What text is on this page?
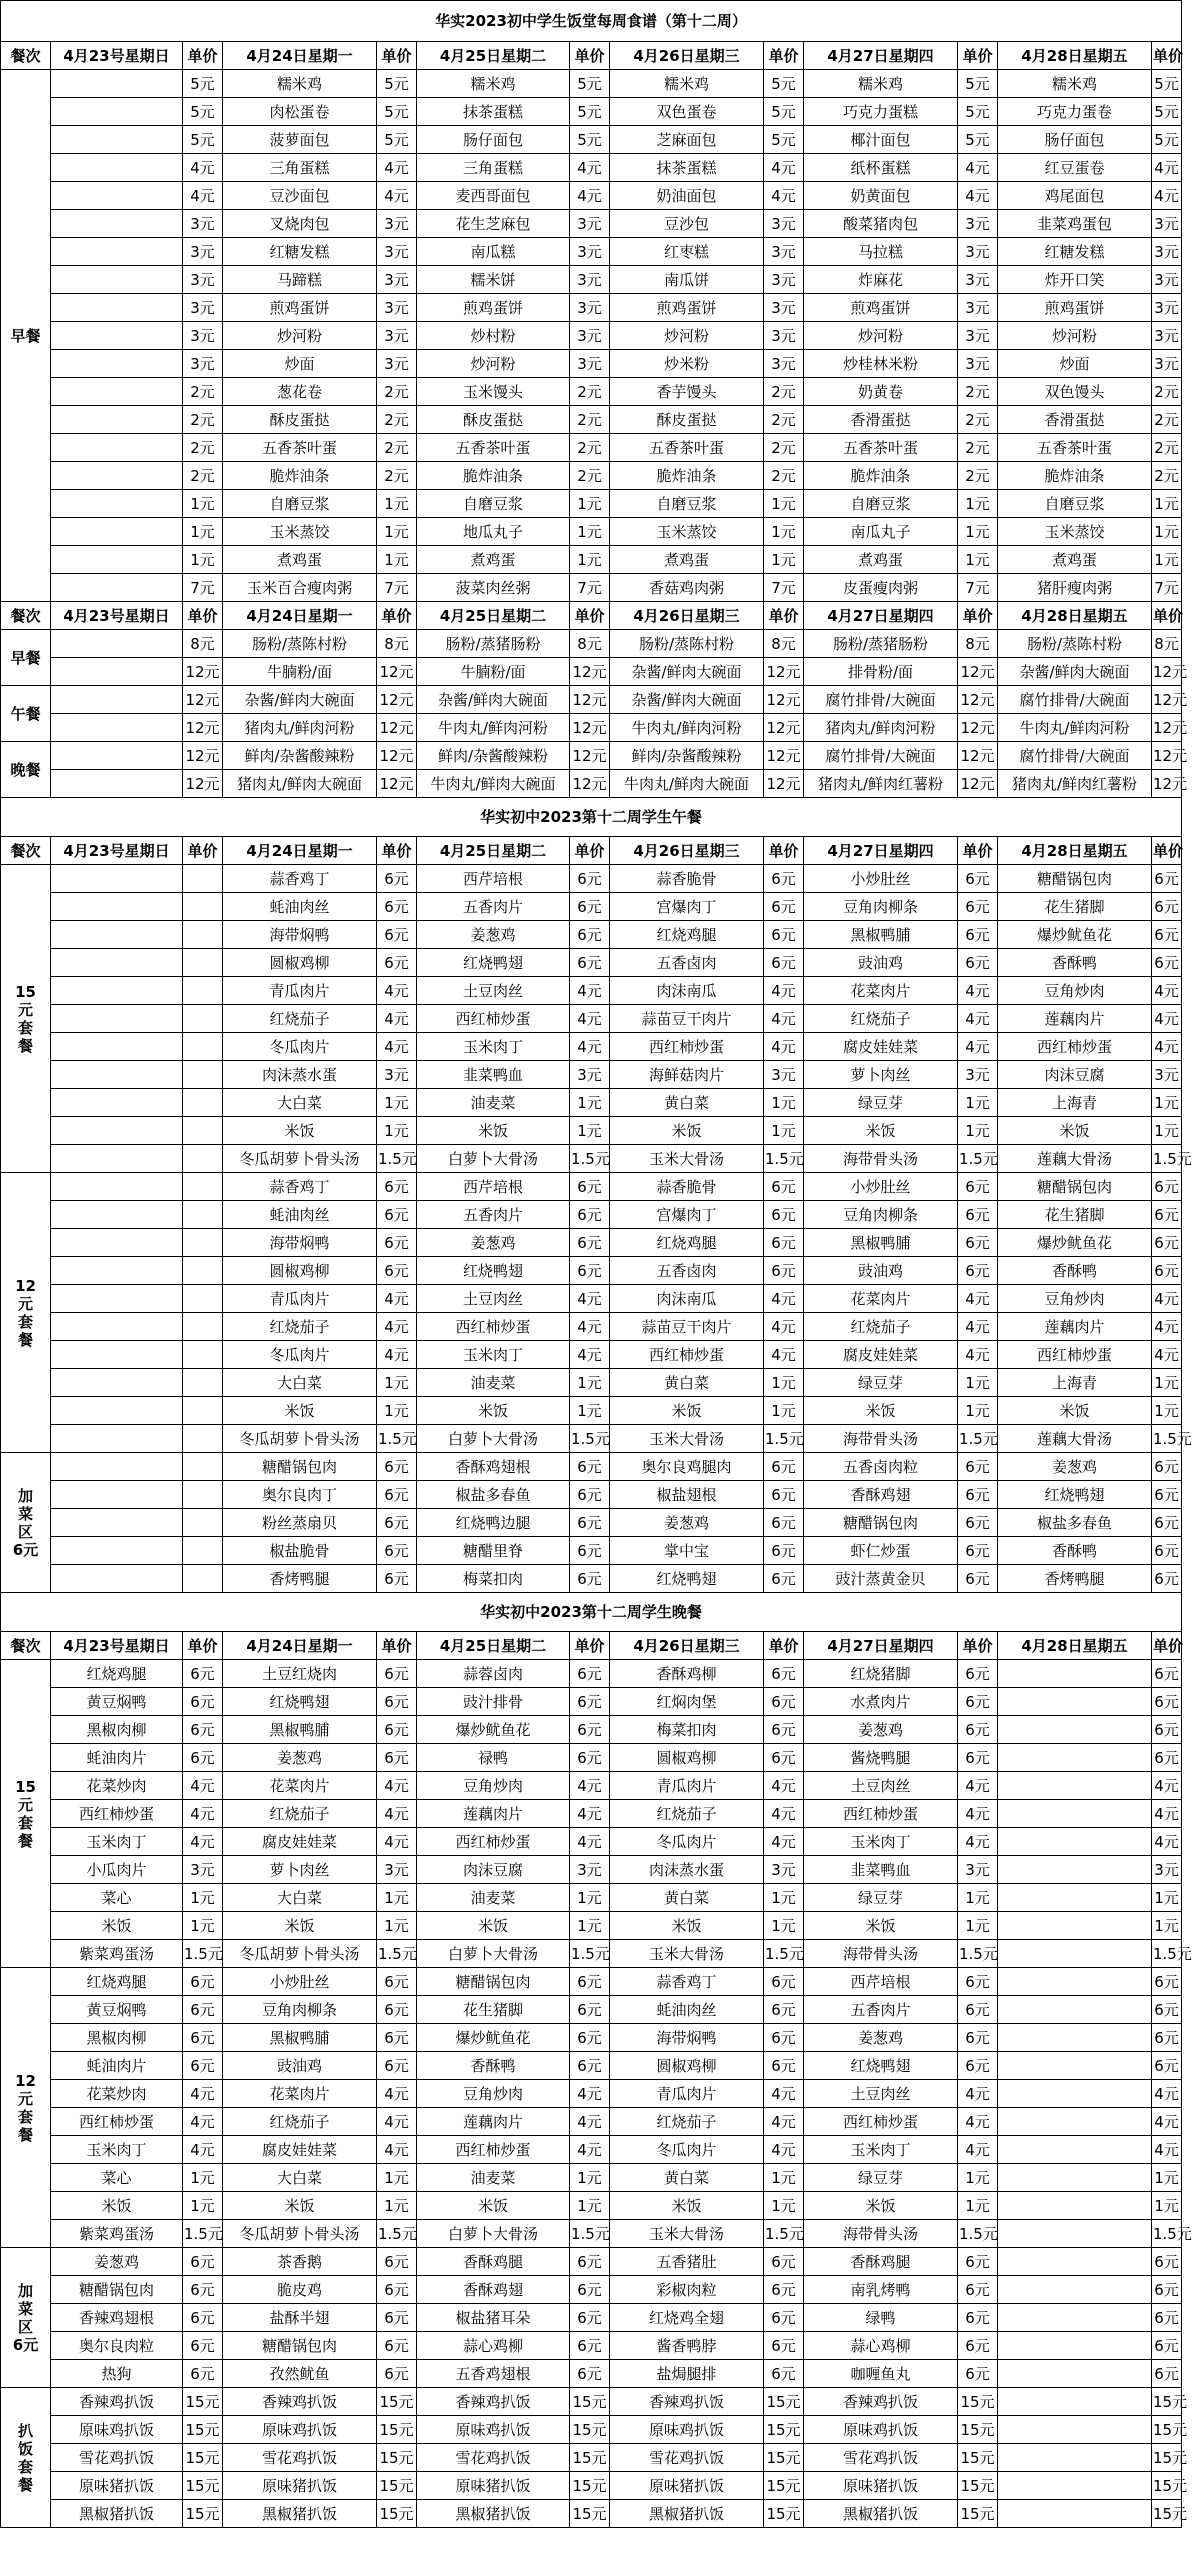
华实2023初中学生饭堂每周食谱（第十二周）												
餐次	4月23号星期日	单价	4月24日星期一	单价	4月25日星期二	单价	4月26日星期三	单价	4月27日星期四	单价	4月28日星期五	单价
早餐		5元	糯米鸡	5元	糯米鸡	5元	糯米鸡	5元	糯米鸡	5元	糯米鸡	5元
		5元	肉松蛋卷	5元	抹茶蛋糕	5元	双色蛋卷	5元	巧克力蛋糕	5元	巧克力蛋卷	5元
		5元	菠萝面包	5元	肠仔面包	5元	芝麻面包	5元	椰汁面包	5元	肠仔面包	5元
		4元	三角蛋糕	4元	三角蛋糕	4元	抹茶蛋糕	4元	纸杯蛋糕	4元	红豆蛋卷	4元
		4元	豆沙面包	4元	麦西哥面包	4元	奶油面包	4元	奶黄面包	4元	鸡尾面包	4元
		3元	叉烧肉包	3元	花生芝麻包	3元	豆沙包	3元	酸菜猪肉包	3元	韭菜鸡蛋包	3元
		3元	红糖发糕	3元	南瓜糕	3元	红枣糕	3元	马拉糕	3元	红糖发糕	3元
		3元	马蹄糕	3元	糯米饼	3元	南瓜饼	3元	炸麻花	3元	炸开口笑	3元
		3元	煎鸡蛋饼	3元	煎鸡蛋饼	3元	煎鸡蛋饼	3元	煎鸡蛋饼	3元	煎鸡蛋饼	3元
		3元	炒河粉	3元	炒村粉	3元	炒河粉	3元	炒河粉	3元	炒河粉	3元
		3元	炒面	3元	炒河粉	3元	炒米粉	3元	炒桂林米粉	3元	炒面	3元
		2元	葱花卷	2元	玉米馒头	2元	香芋馒头	2元	奶黄卷	2元	双色馒头	2元
		2元	酥皮蛋挞	2元	酥皮蛋挞	2元	酥皮蛋挞	2元	香滑蛋挞	2元	香滑蛋挞	2元
		2元	五香茶叶蛋	2元	五香茶叶蛋	2元	五香茶叶蛋	2元	五香茶叶蛋	2元	五香茶叶蛋	2元
		2元	脆炸油条	2元	脆炸油条	2元	脆炸油条	2元	脆炸油条	2元	脆炸油条	2元
		1元	自磨豆浆	1元	自磨豆浆	1元	自磨豆浆	1元	自磨豆浆	1元	自磨豆浆	1元
		1元	玉米蒸饺	1元	地瓜丸子	1元	玉米蒸饺	1元	南瓜丸子	1元	玉米蒸饺	1元
		1元	煮鸡蛋	1元	煮鸡蛋	1元	煮鸡蛋	1元	煮鸡蛋	1元	煮鸡蛋	1元
		7元	玉米百合瘦肉粥	7元	菠菜肉丝粥	7元	香菇鸡肉粥	7元	皮蛋瘦肉粥	7元	猪肝瘦肉粥	7元
餐次	4月23号星期日	单价	4月24日星期一	单价	4月25日星期二	单价	4月26日星期三	单价	4月27日星期四	单价	4月28日星期五	单价
早餐		8元	肠粉/蒸陈村粉	8元	肠粉/蒸猪肠粉	8元	肠粉/蒸陈村粉	8元	肠粉/蒸猪肠粉	8元	肠粉/蒸陈村粉	8元
		12元	牛腩粉/面	12元	牛腩粉/面	12元	杂酱/鲜肉大碗面	12元	排骨粉/面	12元	杂酱/鲜肉大碗面	12元
午餐		12元	杂酱/鲜肉大碗面	12元	杂酱/鲜肉大碗面	12元	杂酱/鲜肉大碗面	12元	腐竹排骨/大碗面	12元	腐竹排骨/大碗面	12元
		12元	猪肉丸/鲜肉河粉	12元	牛肉丸/鲜肉河粉	12元	牛肉丸/鲜肉河粉	12元	猪肉丸/鲜肉河粉	12元	牛肉丸/鲜肉河粉	12元
晚餐		12元	鲜肉/杂酱酸辣粉	12元	鲜肉/杂酱酸辣粉	12元	鲜肉/杂酱酸辣粉	12元	腐竹排骨/大碗面	12元	腐竹排骨/大碗面	12元
		12元	猪肉丸/鲜肉大碗面	12元	牛肉丸/鲜肉大碗面	12元	牛肉丸/鲜肉大碗面	12元	猪肉丸/鲜肉红薯粉	12元	猪肉丸/鲜肉红薯粉	12元
华实初中2023第十二周学生午餐												
餐次	4月23号星期日	单价	4月24日星期一	单价	4月25日星期二	单价	4月26日星期三	单价	4月27日星期四	单价	4月28日星期五	单价
15
元
套
餐			蒜香鸡丁	6元	西芹培根	6元	蒜香脆骨	6元	小炒肚丝	6元	糖醋锅包肉	6元
			蚝油肉丝	6元	五香肉片	6元	宫爆肉丁	6元	豆角肉柳条	6元	花生猪脚	6元
			海带焖鸭	6元	姜葱鸡	6元	红烧鸡腿	6元	黑椒鸭脯	6元	爆炒鱿鱼花	6元
			圆椒鸡柳	6元	红烧鸭翅	6元	五香卤肉	6元	豉油鸡	6元	香酥鸭	6元
			青瓜肉片	4元	土豆肉丝	4元	肉沫南瓜	4元	花菜肉片	4元	豆角炒肉	4元
			红烧茄子	4元	西红柿炒蛋	4元	蒜苗豆干肉片	4元	红烧茄子	4元	莲藕肉片	4元
			冬瓜肉片	4元	玉米肉丁	4元	西红柿炒蛋	4元	腐皮娃娃菜	4元	西红柿炒蛋	4元
			肉沫蒸水蛋	3元	韭菜鸭血	3元	海鲜菇肉片	3元	萝卜肉丝	3元	肉沫豆腐	3元
			大白菜	1元	油麦菜	1元	黄白菜	1元	绿豆芽	1元	上海青	1元
			米饭	1元	米饭	1元	米饭	1元	米饭	1元	米饭	1元
			冬瓜胡萝卜骨头汤	1.5元	白萝卜大骨汤	1.5元	玉米大骨汤	1.5元	海带骨头汤	1.5元	莲藕大骨汤	1.5元
12
元
套
餐			蒜香鸡丁	6元	西芹培根	6元	蒜香脆骨	6元	小炒肚丝	6元	糖醋锅包肉	6元
			蚝油肉丝	6元	五香肉片	6元	宫爆肉丁	6元	豆角肉柳条	6元	花生猪脚	6元
			海带焖鸭	6元	姜葱鸡	6元	红烧鸡腿	6元	黑椒鸭脯	6元	爆炒鱿鱼花	6元
			圆椒鸡柳	6元	红烧鸭翅	6元	五香卤肉	6元	豉油鸡	6元	香酥鸭	6元
			青瓜肉片	4元	土豆肉丝	4元	肉沫南瓜	4元	花菜肉片	4元	豆角炒肉	4元
			红烧茄子	4元	西红柿炒蛋	4元	蒜苗豆干肉片	4元	红烧茄子	4元	莲藕肉片	4元
			冬瓜肉片	4元	玉米肉丁	4元	西红柿炒蛋	4元	腐皮娃娃菜	4元	西红柿炒蛋	4元
			大白菜	1元	油麦菜	1元	黄白菜	1元	绿豆芽	1元	上海青	1元
			米饭	1元	米饭	1元	米饭	1元	米饭	1元	米饭	1元
			冬瓜胡萝卜骨头汤	1.5元	白萝卜大骨汤	1.5元	玉米大骨汤	1.5元	海带骨头汤	1.5元	莲藕大骨汤	1.5元
加
菜
区
6元			糖醋锅包肉	6元	香酥鸡翅根	6元	奥尔良鸡腿肉	6元	五香卤肉粒	6元	姜葱鸡	6元
			奥尔良肉丁	6元	椒盐多春鱼	6元	椒盐翅根	6元	香酥鸡翅	6元	红烧鸭翅	6元
			粉丝蒸扇贝	6元	红烧鸭边腿	6元	姜葱鸡	6元	糖醋锅包肉	6元	椒盐多春鱼	6元
			椒盐脆骨	6元	糖醋里脊	6元	掌中宝	6元	虾仁炒蛋	6元	香酥鸭	6元
			香烤鸭腿	6元	梅菜扣肉	6元	红烧鸭翅	6元	豉汁蒸黄金贝	6元	香烤鸭腿	6元
华实初中2023第十二周学生晚餐												
餐次	4月23号星期日	单价	4月24日星期一	单价	4月25日星期二	单价	4月26日星期三	单价	4月27日星期四	单价	4月28日星期五	单价
15
元
套
餐	红烧鸡腿	6元	土豆红烧肉	6元	蒜蓉卤肉	6元	香酥鸡柳	6元	红烧猪脚	6元		6元
	黄豆焖鸭	6元	红烧鸭翅	6元	豉汁排骨	6元	红焖肉堡	6元	水煮肉片	6元		6元
	黑椒肉柳	6元	黑椒鸭脯	6元	爆炒鱿鱼花	6元	梅菜扣肉	6元	姜葱鸡	6元		6元
	蚝油肉片	6元	姜葱鸡	6元	禄鸭	6元	圆椒鸡柳	6元	酱烧鸭腿	6元		6元
	花菜炒肉	4元	花菜肉片	4元	豆角炒肉	4元	青瓜肉片	4元	土豆肉丝	4元		4元
	西红柿炒蛋	4元	红烧茄子	4元	莲藕肉片	4元	红烧茄子	4元	西红柿炒蛋	4元		4元
	玉米肉丁	4元	腐皮娃娃菜	4元	西红柿炒蛋	4元	冬瓜肉片	4元	玉米肉丁	4元		4元
	小瓜肉片	3元	萝卜肉丝	3元	肉沫豆腐	3元	肉沫蒸水蛋	3元	韭菜鸭血	3元		3元
	菜心	1元	大白菜	1元	油麦菜	1元	黄白菜	1元	绿豆芽	1元		1元
	米饭	1元	米饭	1元	米饭	1元	米饭	1元	米饭	1元		1元
	紫菜鸡蛋汤	1.5元	冬瓜胡萝卜骨头汤	1.5元	白萝卜大骨汤	1.5元	玉米大骨汤	1.5元	海带骨头汤	1.5元		1.5元
12
元
套
餐	红烧鸡腿	6元	小炒肚丝	6元	糖醋锅包肉	6元	蒜香鸡丁	6元	西芹培根	6元		6元
	黄豆焖鸭	6元	豆角肉柳条	6元	花生猪脚	6元	蚝油肉丝	6元	五香肉片	6元		6元
	黑椒肉柳	6元	黑椒鸭脯	6元	爆炒鱿鱼花	6元	海带焖鸭	6元	姜葱鸡	6元		6元
	蚝油肉片	6元	豉油鸡	6元	香酥鸭	6元	圆椒鸡柳	6元	红烧鸭翅	6元		6元
	花菜炒肉	4元	花菜肉片	4元	豆角炒肉	4元	青瓜肉片	4元	土豆肉丝	4元		4元
	西红柿炒蛋	4元	红烧茄子	4元	莲藕肉片	4元	红烧茄子	4元	西红柿炒蛋	4元		4元
	玉米肉丁	4元	腐皮娃娃菜	4元	西红柿炒蛋	4元	冬瓜肉片	4元	玉米肉丁	4元		4元
	菜心	1元	大白菜	1元	油麦菜	1元	黄白菜	1元	绿豆芽	1元		1元
	米饭	1元	米饭	1元	米饭	1元	米饭	1元	米饭	1元		1元
	紫菜鸡蛋汤	1.5元	冬瓜胡萝卜骨头汤	1.5元	白萝卜大骨汤	1.5元	玉米大骨汤	1.5元	海带骨头汤	1.5元		1.5元
加
菜
区
6元	姜葱鸡	6元	茶香鹅	6元	香酥鸡腿	6元	五香猪肚	6元	香酥鸡腿	6元		6元
	糖醋锅包肉	6元	脆皮鸡	6元	香酥鸡翅	6元	彩椒肉粒	6元	南乳烤鸭	6元		6元
	香辣鸡翅根	6元	盐酥半翅	6元	椒盐猪耳朵	6元	红烧鸡全翅	6元	绿鸭	6元		6元
	奥尔良肉粒	6元	糖醋锅包肉	6元	蒜心鸡柳	6元	酱香鸭脖	6元	蒜心鸡柳	6元		6元
	热狗	6元	孜然鱿鱼	6元	五香鸡翅根	6元	盐焗腿排	6元	咖喱鱼丸	6元		6元
扒
饭
套
餐	香辣鸡扒饭	15元	香辣鸡扒饭	15元	香辣鸡扒饭	15元	香辣鸡扒饭	15元	香辣鸡扒饭	15元		15元
	原味鸡扒饭	15元	原味鸡扒饭	15元	原味鸡扒饭	15元	原味鸡扒饭	15元	原味鸡扒饭	15元		15元
	雪花鸡扒饭	15元	雪花鸡扒饭	15元	雪花鸡扒饭	15元	雪花鸡扒饭	15元	雪花鸡扒饭	15元		15元
	原味猪扒饭	15元	原味猪扒饭	15元	原味猪扒饭	15元	原味猪扒饭	15元	原味猪扒饭	15元		15元
	黑椒猪扒饭	15元	黑椒猪扒饭	15元	黑椒猪扒饭	15元	黑椒猪扒饭	15元	黑椒猪扒饭	15元		15元
